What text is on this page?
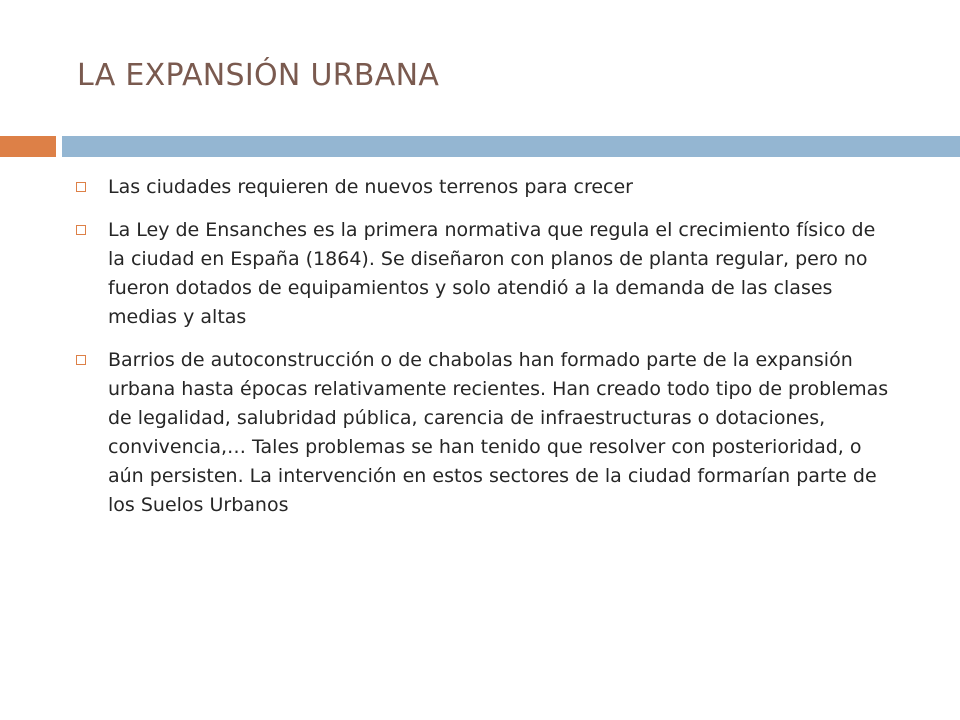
LA EXPANSIÓN URBANA
Las ciudades requieren de nuevos terrenos para crecer
La Ley de Ensanches es la primera normativa que regula el crecimiento físico de la ciudad en España (1864). Se diseñaron con planos de planta regular, pero no fueron dotados de equipamientos y solo atendió a la demanda de las clases medias y altas
Barrios de autoconstrucción o de chabolas han formado parte de la expansión urbana hasta épocas relativamente recientes. Han creado todo tipo de problemas de legalidad, salubridad pública, carencia de infraestructuras o dotaciones, convivencia,… Tales problemas se han tenido que resolver con posterioridad, o aún persisten. La intervención en estos sectores de la ciudad formarían parte de los Suelos Urbanos
